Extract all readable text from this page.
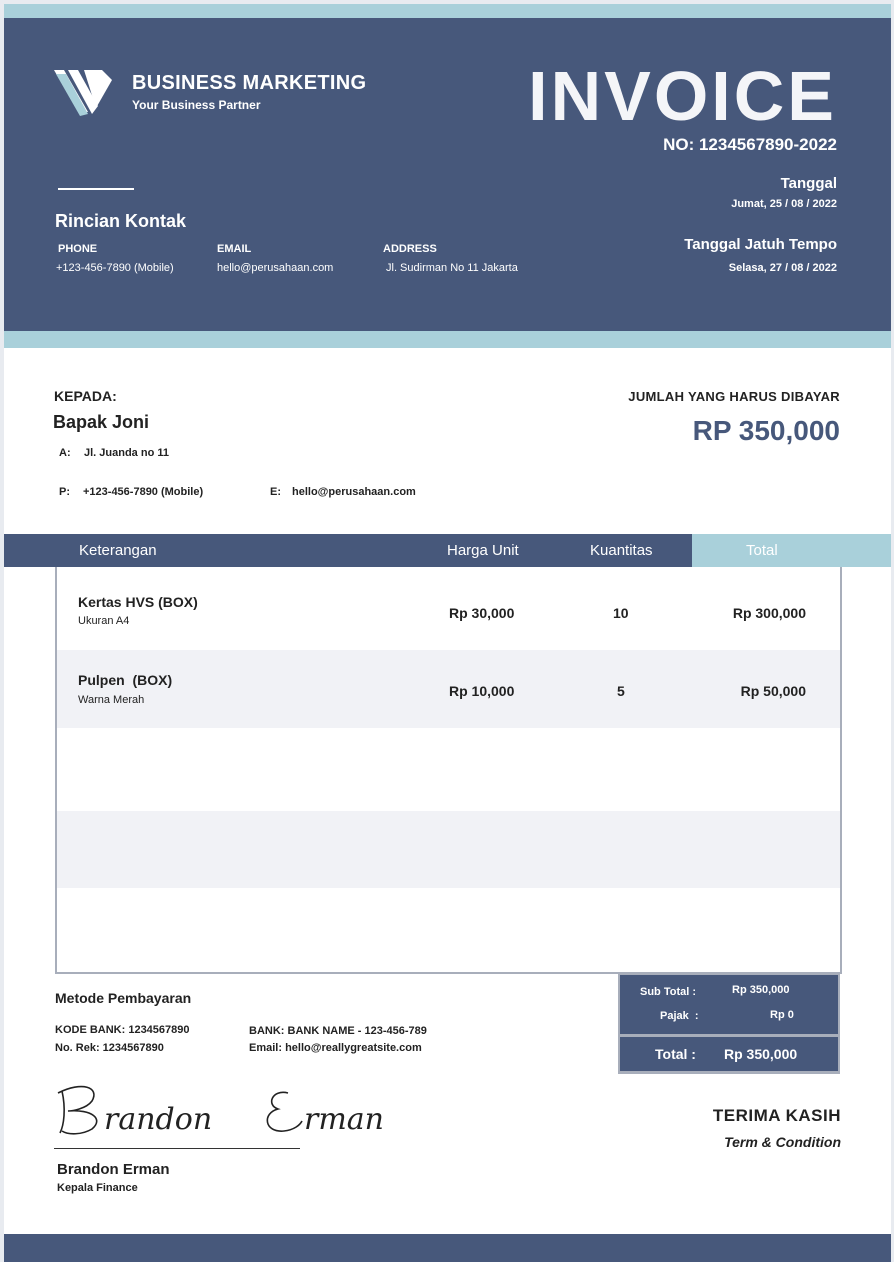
BUSINESS MARKETING
Your Business Partner	INVOICE
NO: 1234567890-2022
Tanggal
Jumat, 25 / 08 / 2022
Tanggal Jatuh Tempo
Selasa, 27 / 08 / 2022
Rincian Kontak
PHONE
+123-456-7890 (Mobile)
EMAIL
hello@perusahaan.com
ADDRESS
Jl. Sudirman No 11 Jakarta
KEPADA:
Bapak Joni
A: Jl. Juanda no 11
P: +123-456-7890 (Mobile)	E: hello@perusahaan.com
JUMLAH YANG HARUS DIBAYAR
RP 350,000
Keterangan	Harga Unit	Kuantitas	Total
Kertas HVS (BOX)
Ukuran A4	Rp 30,000	10	Rp 300,000
Pulpen  (BOX)
Warna Merah
Rp 10,000	5	Rp 50,000
Metode Pembayaran
KODE BANK: 1234567890
No. Rek: 1234567890
BANK: BANK NAME - 123-456-789
Email: hello@reallygreatsite.com
Sub Total :	Rp 350,000
Pajak  :	Rp 0
Total : Rp 350,000
randon	rman
Brandon Erman
Kepala Finance
TERIMA KASIH
Term & Condition
